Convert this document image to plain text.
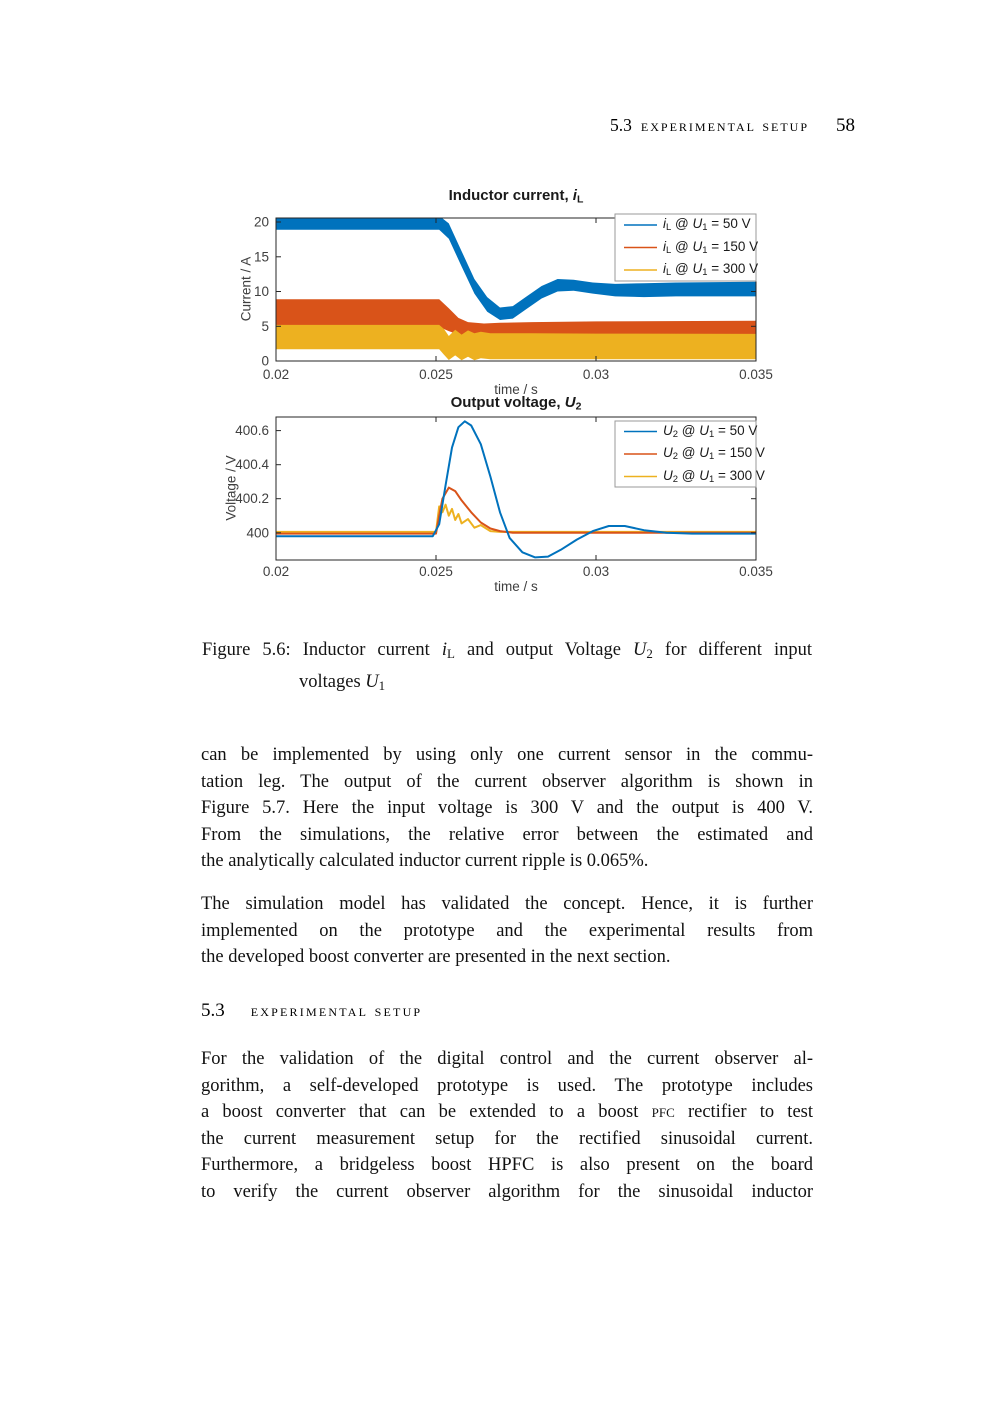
5.3 experimental setup 58
0.02	0.025	0.03	0.035
0
5
10
15
20
0.02	0.025	0.03	0.035
400
400.2
400.4
400.6
iL @ U1 = 50 V
iL @ U1 = 150 V
iL @ U1 = 300 V
Inductor current, iL
time / s
Current / A
U2 @ U1 = 50 V
U2 @ U1 = 150 V
U2 @ U1 = 300 V
Output voltage, U2
time / s
Voltage / V
Figure 5.6: Inductor current iL and output Voltage U2 for different input
voltages U1
can be implemented by using only one current sensor in the commu-
tation leg. The output of the current observer algorithm is shown in
Figure 5.7. Here the input voltage is 300 V and the output is 400 V.
From the simulations, the relative error between the estimated and
the analytically calculated inductor current ripple is 0.065%.
The simulation model has validated the concept. Hence, it is further
implemented on the prototype and the experimental results from
the developed boost converter are presented in the next section.
5.3 experimental setup
For the validation of the digital control and the current observer al-
gorithm, a self-developed prototype is used. The prototype includes
a boost converter that can be extended to a boost pfc rectifier to test
the current measurement setup for the rectified sinusoidal current.
Furthermore, a bridgeless boost HPFC is also present on the board
to verify the current observer algorithm for the sinusoidal inductor
